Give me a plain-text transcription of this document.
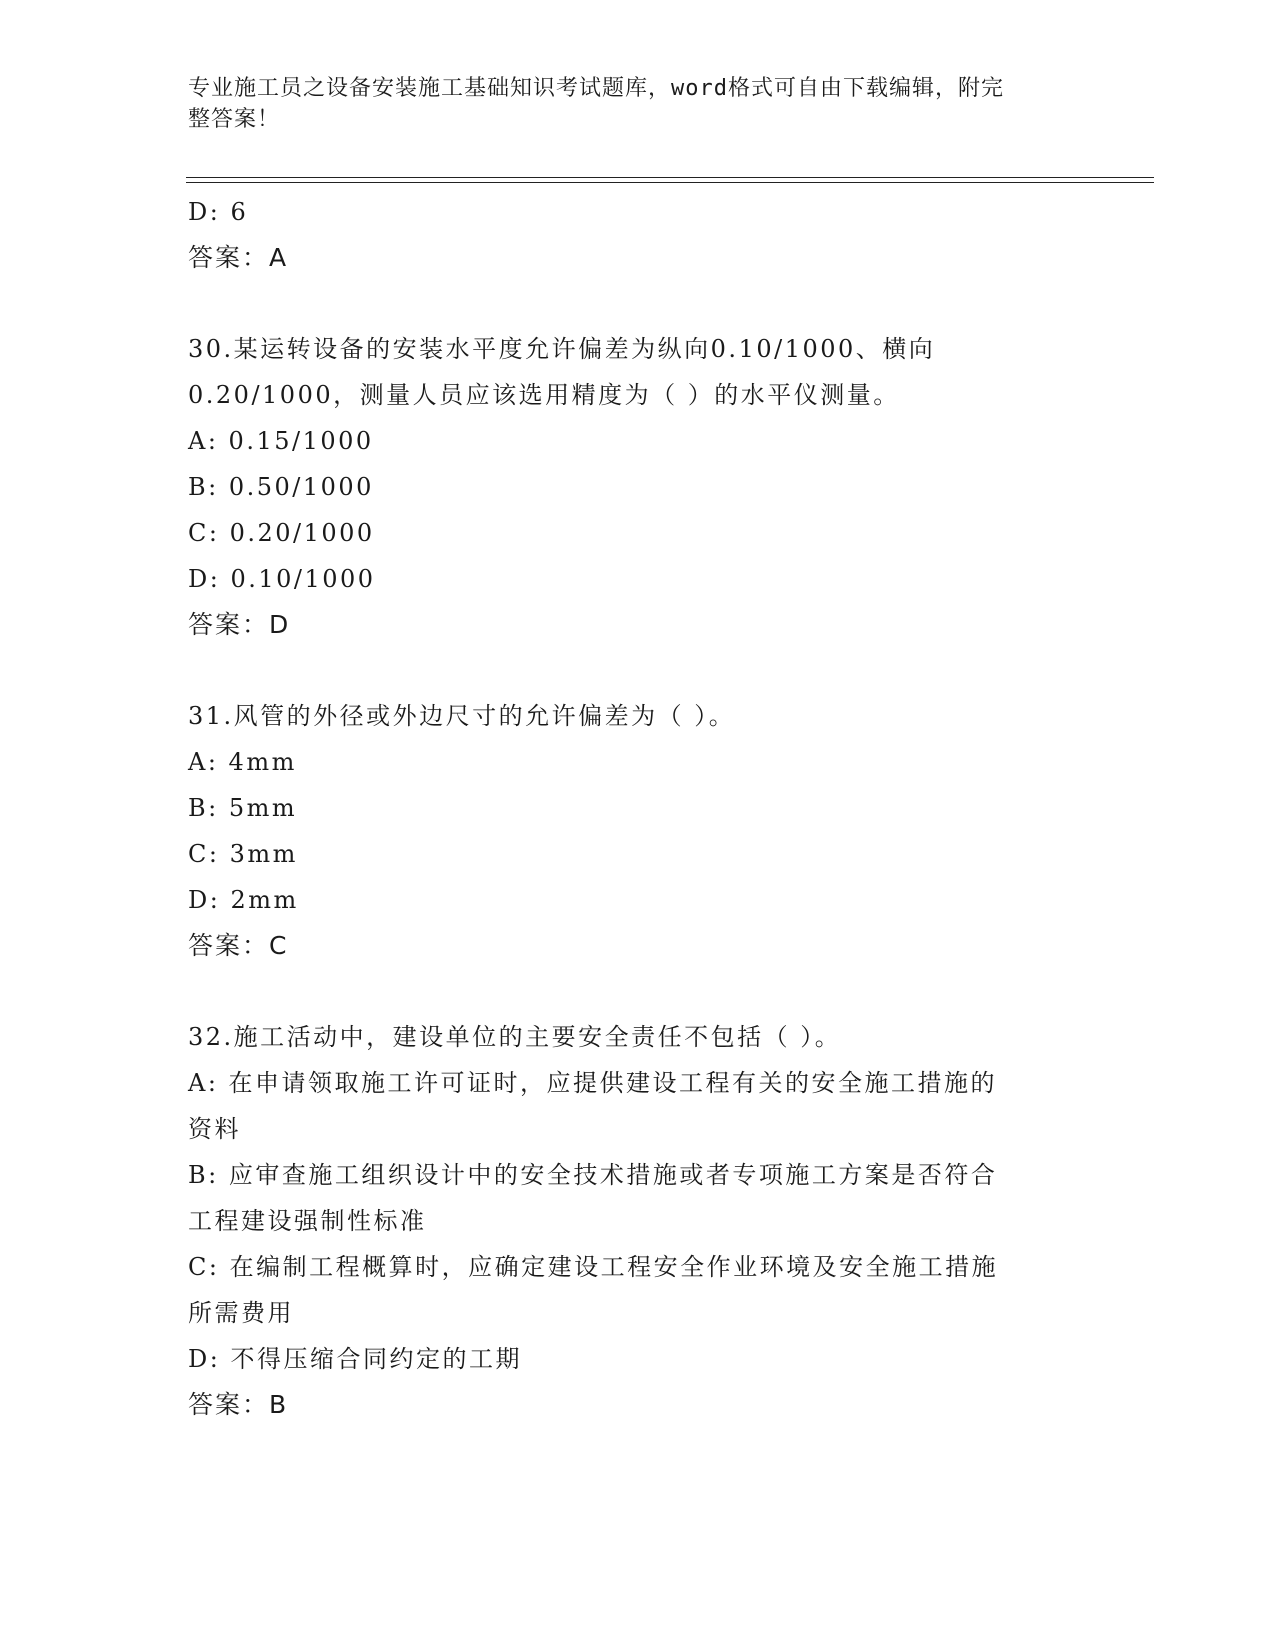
专业施工员之设备安装施工基础知识考试题库，word格式可自由下载编辑，附完
整答案！
D: 6
答案：A
30.某运转设备的安装水平度允许偏差为纵向0.10/1000、横向
0.20/1000，测量人员应该选用精度为（ ）的水平仪测量。
A: 0.15/1000
B: 0.50/1000
C: 0.20/1000
D: 0.10/1000
答案：D
31.风管的外径或外边尺寸的允许偏差为（ ）。
A: 4mm
B: 5mm
C: 3mm
D: 2mm
答案：C
32.施工活动中，建设单位的主要安全责任不包括（ ）。
A: 在申请领取施工许可证时，应提供建设工程有关的安全施工措施的
资料
B: 应审查施工组织设计中的安全技术措施或者专项施工方案是否符合
工程建设强制性标准
C: 在编制工程概算时，应确定建设工程安全作业环境及安全施工措施
所需费用
D: 不得压缩合同约定的工期
答案：B
